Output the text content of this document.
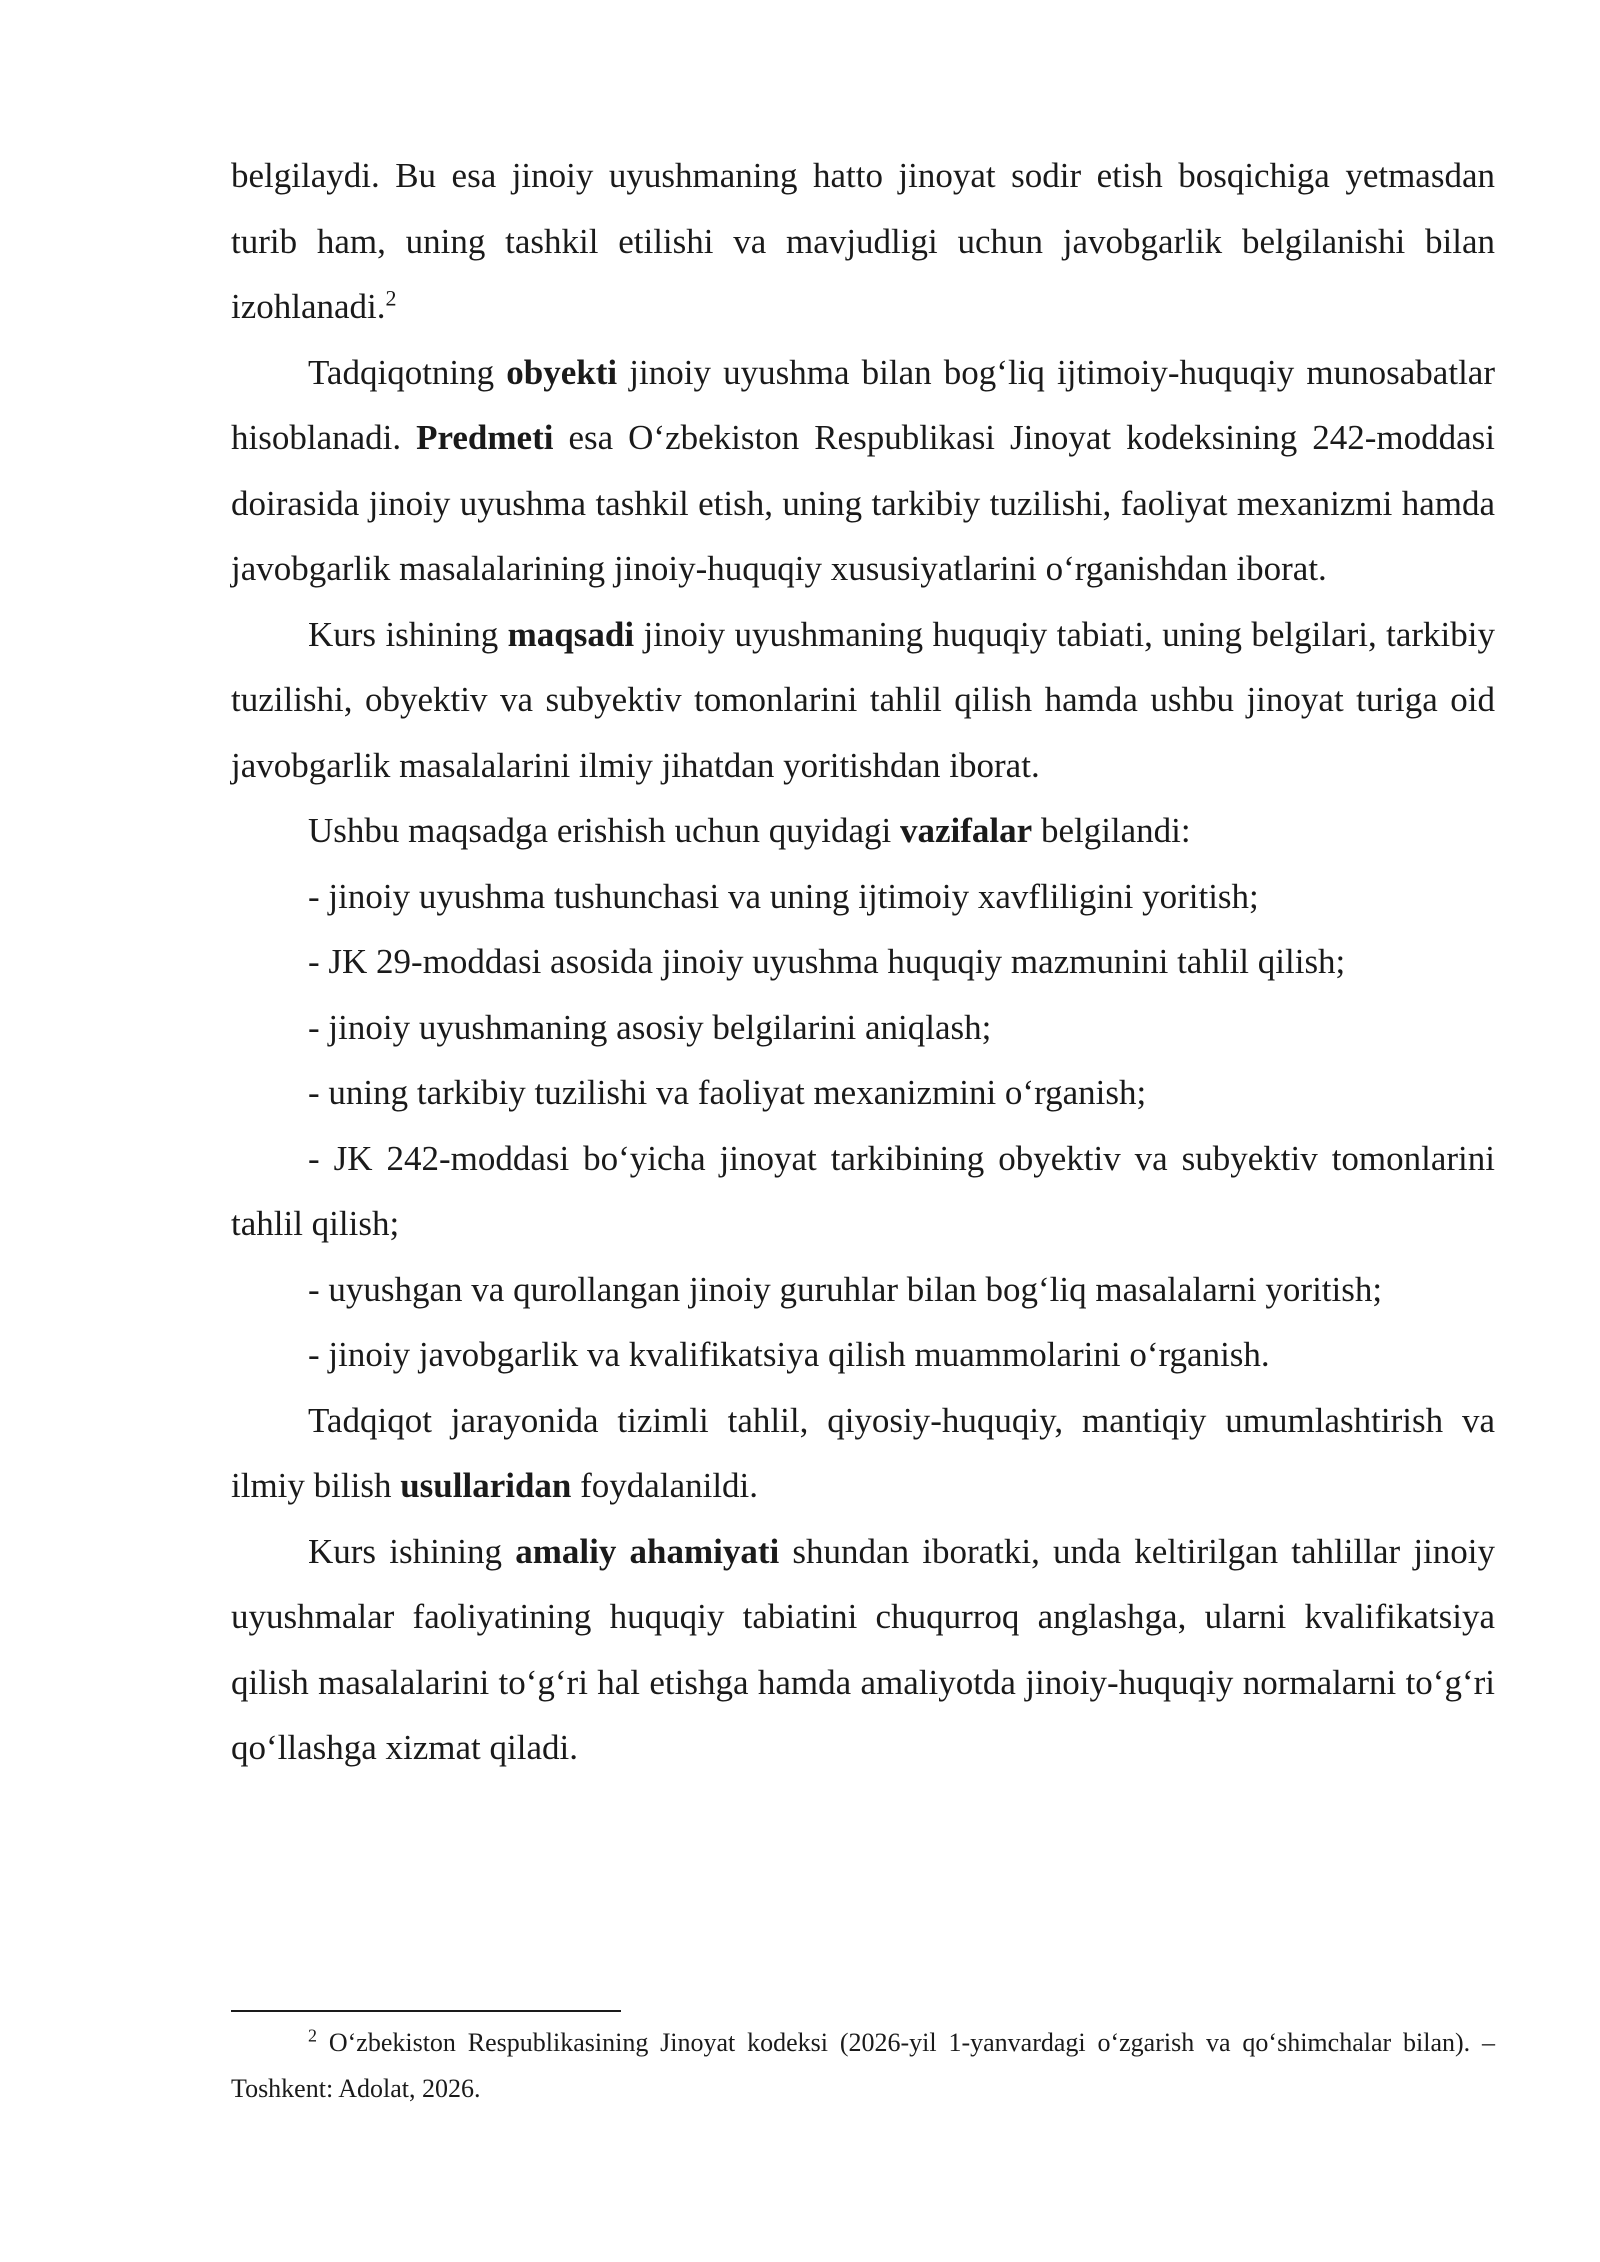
belgilaydi. Bu esa jinoiy uyushmaning hatto jinoyat sodir etish bosqichiga yetmasdan turib ham, uning tashkil etilishi va mavjudligi uchun javobgarlik belgilanishi bilan izohlanadi.$^2$

Tadqiqotning obyekti jinoiy uyushma bilan bog‘liq ijtimoiy-huquqiy munosabatlar hisoblanadi. Predmeti esa O‘zbekiston Respublikasi Jinoyat kodeksining 242-moddasi doirasida jinoiy uyushma tashkil etish, uning tarkibiy tuzilishi, faoliyat mexanizmi hamda javobgarlik masalalarining jinoiy-huquqiy xususiyatlarini o‘rganishdan iborat.

Kurs ishining maqsadi jinoiy uyushmaning huquqiy tabiati, uning belgilari, tarkibiy tuzilishi, obyektiv va subyektiv tomonlarini tahlil qilish hamda ushbu jinoyat turiga oid javobgarlik masalalarini ilmiy jihatdan yoritishdan iborat.

Ushbu maqsadga erishish uchun quyidagi vazifalar belgilandi:

- jinoiy uyushma tushunchasi va uning ijtimoiy xavfliligini yoritish;

- JK 29-moddasi asosida jinoiy uyushma huquqiy mazmunini tahlil qilish;

- jinoiy uyushmaning asosiy belgilarini aniqlash;

- uning tarkibiy tuzilishi va faoliyat mexanizmini o‘rganish;

- JK 242-moddasi bo‘yicha jinoyat tarkibining obyektiv va subyektiv tomonlarini tahlil qilish;

- uyushgan va qurollangan jinoiy guruhlar bilan bog‘liq masalalarni yoritish;

- jinoiy javobgarlik va kvalifikatsiya qilish muammolarini o‘rganish.

Tadqiqot jarayonida tizimli tahlil, qiyosiy-huquqiy, mantiqiy umumlashtirish va ilmiy bilish usullaridan foydalanildi.

Kurs ishining amaliy ahamiyati shundan iboratki, unda keltirilgan tahlillar jinoiy uyushmalar faoliyatining huquqiy tabiatini chuqurroq anglashga, ularni kvalifikatsiya qilish masalalarini to‘g‘ri hal etishga hamda amaliyotda jinoiy-huquqiy normalarni to‘g‘ri qo‘llashga xizmat qiladi.

$^2$ O‘zbekiston Respublikasining Jinoyat kodeksi (2026-yil 1-yanvardagi o‘zgarish va qo‘shimchalar bilan). – Toshkent: Adolat, 2026.
